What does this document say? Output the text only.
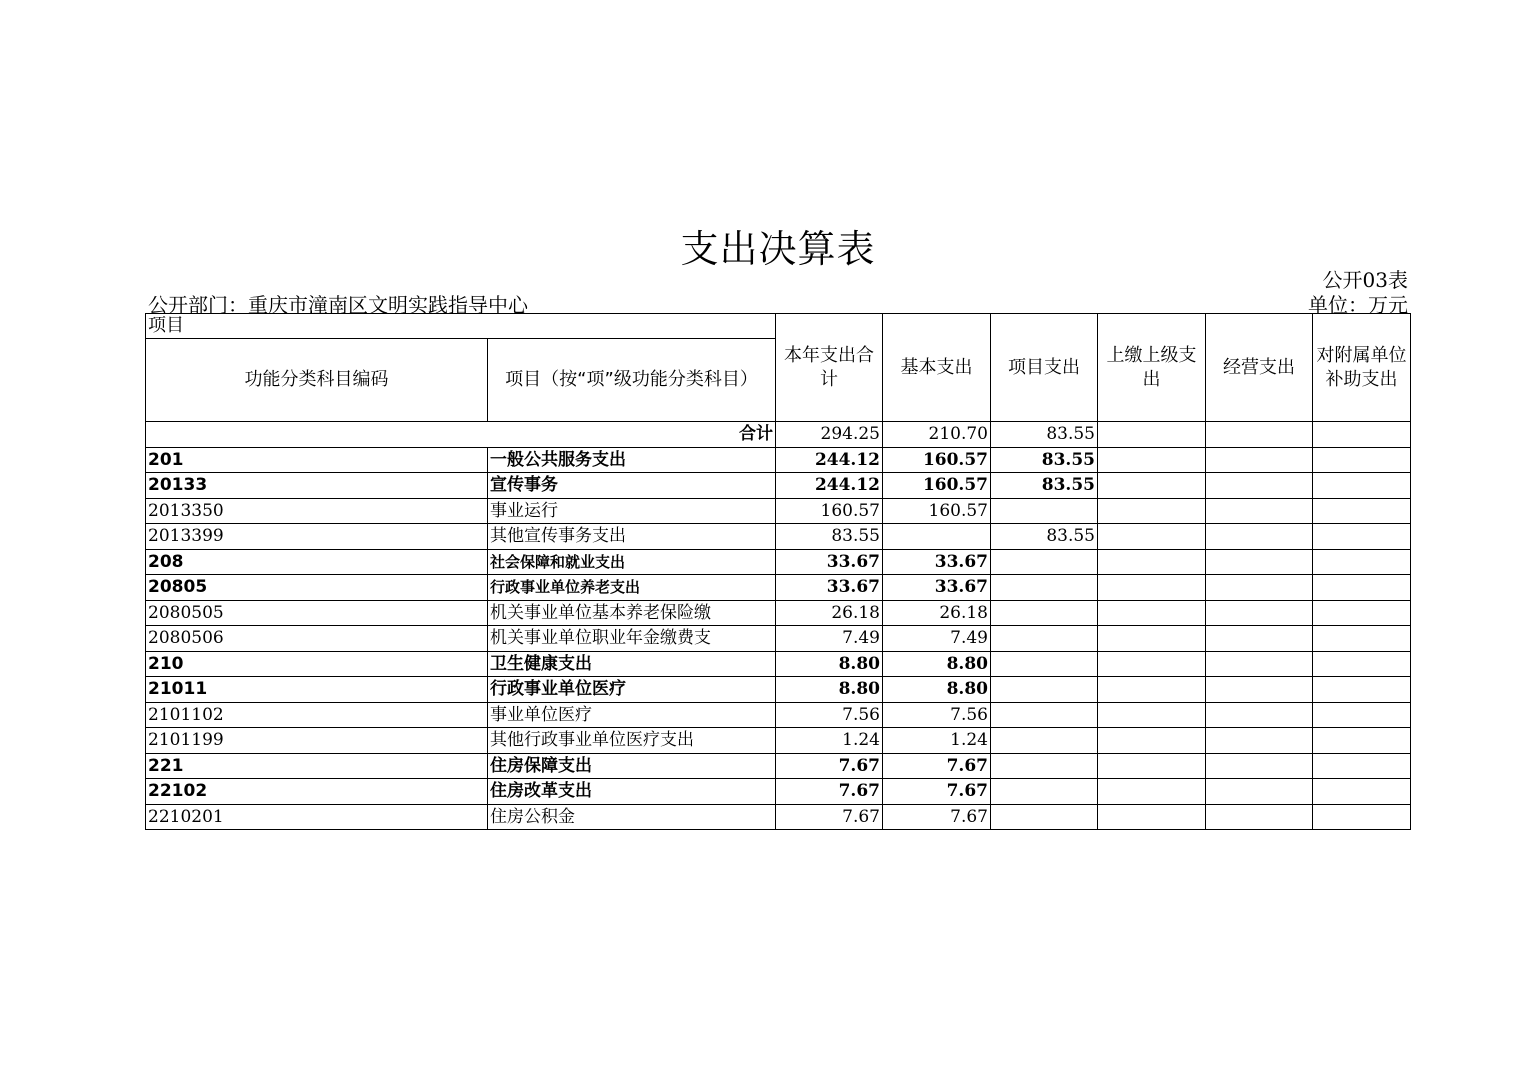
支出决算表
公开03表
公开部门：重庆市潼南区文明实践指导中心	单位：万元
项目		本年支出合计	基本支出	项目支出	上缴上级支出	经营支出	对附属单位补助支出
功能分类科目编码	项目（按“项”级功能分类科目）						
合计		294.25	210.70	83.55			
201	一般公共服务支出	244.12	160.57	83.55			
20133	宣传事务	244.12	160.57	83.55			
2013350	事业运行	160.57	160.57				
2013399	其他宣传事务支出	83.55		83.55			
208	社会保障和就业支出	33.67	33.67				
20805	行政事业单位养老支出	33.67	33.67				
2080505	机关事业单位基本养老保险缴	26.18	26.18				
2080506	机关事业单位职业年金缴费支	7.49	7.49				
210	卫生健康支出	8.80	8.80				
21011	行政事业单位医疗	8.80	8.80				
2101102	事业单位医疗	7.56	7.56				
2101199	其他行政事业单位医疗支出	1.24	1.24				
221	住房保障支出	7.67	7.67				
22102	住房改革支出	7.67	7.67				
2210201	住房公积金	7.67	7.67				
